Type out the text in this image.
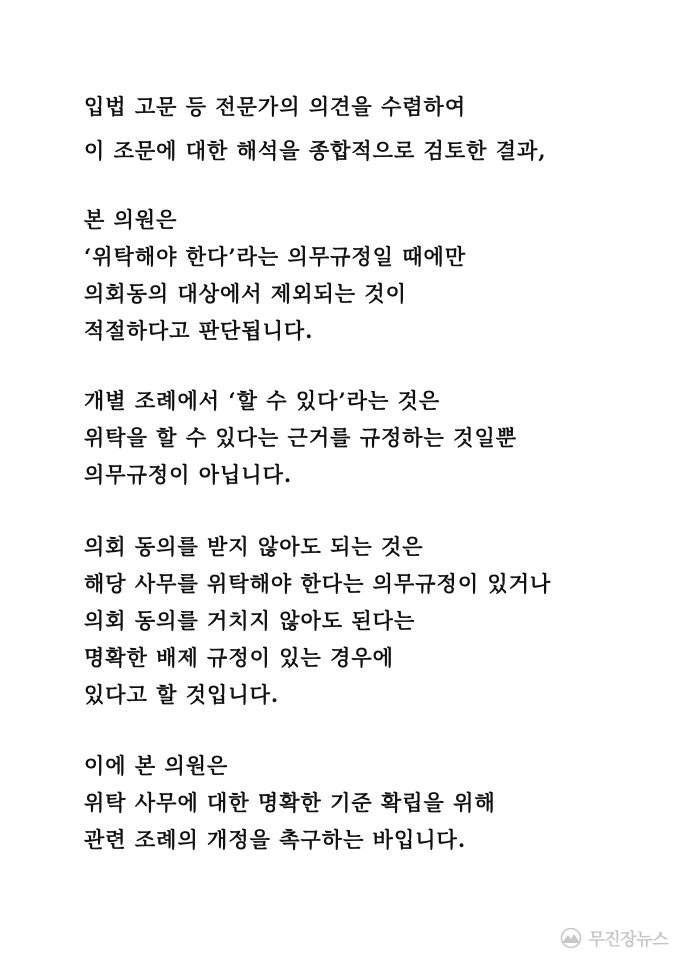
입법 고문 등 전문가의 의견을 수렴하여
이 조문에 대한 해석을 종합적으로 검토한 결과,
본 의원은
‘위탁해야 한다’라는 의무규정일 때에만
의회동의 대상에서 제외되는 것이
적절하다고 판단됩니다.
개별 조례에서 ‘할 수 있다’라는 것은
위탁을 할 수 있다는 근거를 규정하는 것일뿐
의무규정이 아닙니다.
의회 동의를 받지 않아도 되는 것은
해당 사무를 위탁해야 한다는 의무규정이 있거나
의회 동의를 거치지 않아도 된다는
명확한 배제 규정이 있는 경우에
있다고 할 것입니다.
이에 본 의원은
위탁 사무에 대한 명확한 기준 확립을 위해
관련 조례의 개정을 촉구하는 바입니다.
무진장뉴스
